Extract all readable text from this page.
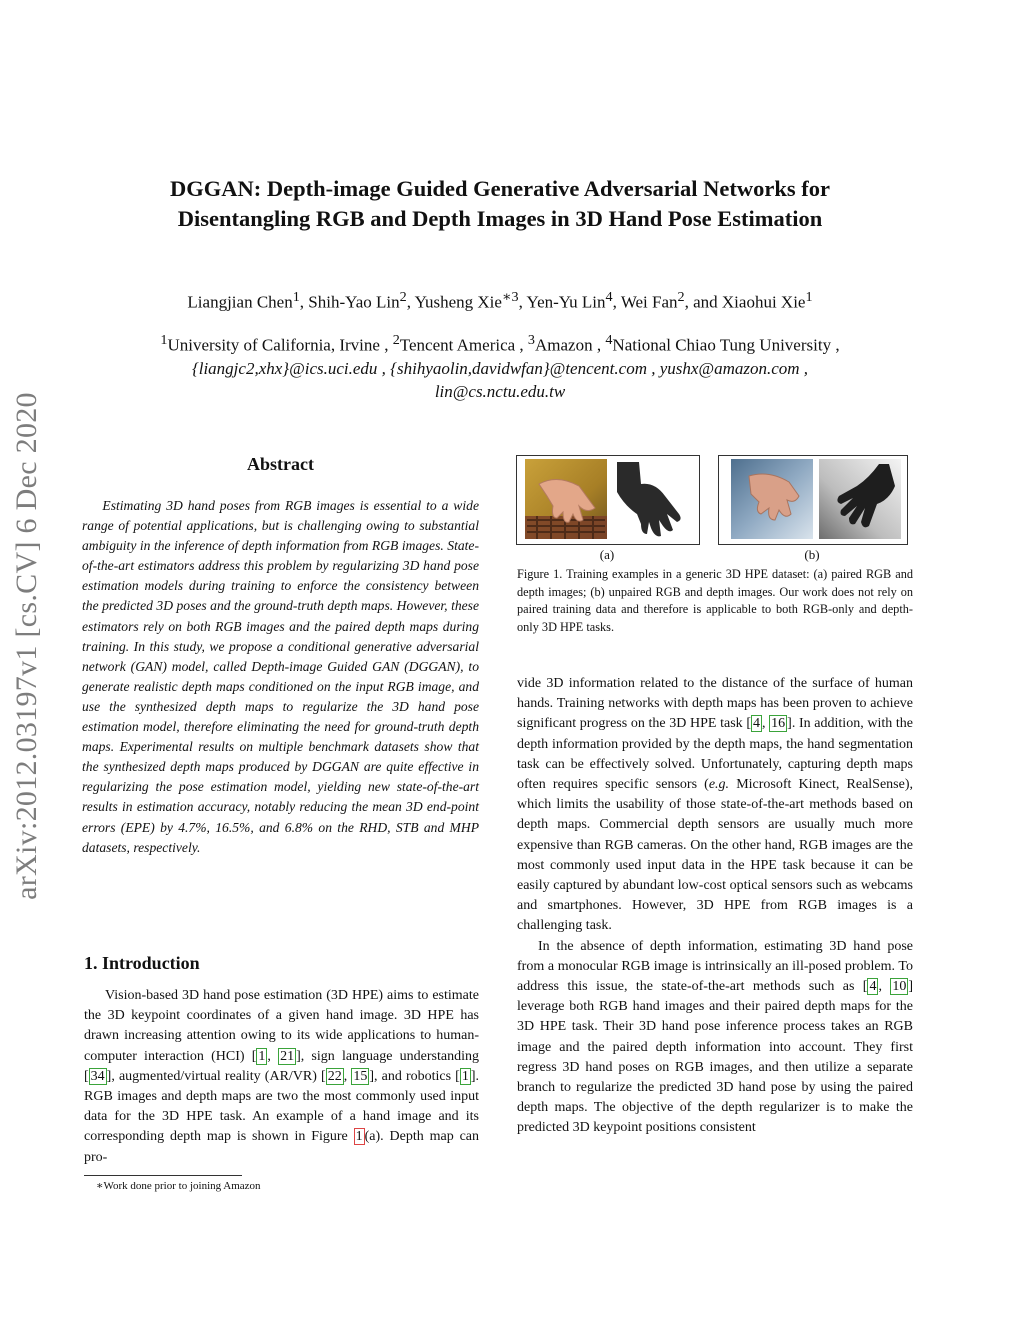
arXiv:2012.03197v1 [cs.CV] 6 Dec 2020
DGGAN: Depth-image Guided Generative Adversarial Networks for
Disentangling RGB and Depth Images in 3D Hand Pose Estimation
Liangjian Chen$^1$, Shih-Yao Lin$^2$, Yusheng Xie$^{∗3}$, Yen-Yu Lin$^4$, Wei Fan$^2$, and Xiaohui Xie$^1$
$^1$University of California, Irvine , $^2$Tencent America , $^3$Amazon , $^4$National Chiao Tung University ,
{liangjc2,xhx}@ics.uci.edu , {shihyaolin,davidwfan}@tencent.com , yushx@amazon.com ,
lin@cs.nctu.edu.tw
Abstract
Estimating 3D hand poses from RGB images is essential to a wide range of potential applications, but is challenging owing to substantial ambiguity in the inference of depth information from RGB images. State-of-the-art estimators address this problem by regularizing 3D hand pose estimation models during training to enforce the consistency between the predicted 3D poses and the ground-truth depth maps. However, these estimators rely on both RGB images and the paired depth maps during training. In this study, we propose a conditional generative adversarial network (GAN) model, called Depth-image Guided GAN (DGGAN), to generate realistic depth maps conditioned on the input RGB image, and use the synthesized depth maps to regularize the 3D hand pose estimation model, therefore eliminating the need for ground-truth depth maps. Experimental results on multiple benchmark datasets show that the synthesized depth maps produced by DGGAN are quite effective in regularizing the pose estimation model, yielding new state-of-the-art results in estimation accuracy, notably reducing the mean 3D end-point errors (EPE) by 4.7%, 16.5%, and 6.8% on the RHD, STB and MHP datasets, respectively.
1. Introduction

Vision-based 3D hand pose estimation (3D HPE) aims to estimate the 3D keypoint coordinates of a given hand image. 3D HPE has drawn increasing attention owing to its wide applications to human-computer interaction (HCI) [ 1 , 21 ], sign language understanding [ 34 ], augmented/virtual reality (AR/VR) [ 22 , 15 ], and robotics [ 1 ]. RGB images and depth maps are two the most commonly used input data for the 3D HPE task. An example of a hand image and its corresponding depth map is shown in Figure 1 (a). Depth map can pro-

∗Work done prior to joining Amazon
(a)	(b)
Figure 1. Training examples in a generic 3D HPE dataset: (a) paired RGB and depth images; (b) unpaired RGB and depth images. Our work does not rely on paired training data and therefore is applicable to both RGB-only and depth-only 3D HPE tasks.

vide 3D information related to the distance of the surface of human hands. Training networks with depth maps has been proven to achieve significant progress on the 3D HPE task [ 4 , 16 ]. In addition, with the depth information provided by the depth maps, the hand segmentation task can be effectively solved. Unfortunately, capturing depth maps often requires specific sensors (e.g. Microsoft Kinect, RealSense), which limits the usability of those state-of-the-art methods based on depth maps. Commercial depth sensors are usually much more expensive than RGB cameras. On the other hand, RGB images are the most commonly used input data in the HPE task because it can be easily captured by abundant low-cost optical sensors such as webcams and smartphones. However, 3D HPE from RGB images is a challenging task.

In the absence of depth information, estimating 3D hand pose from a monocular RGB image is intrinsically an ill-posed problem. To address this issue, the state-of-the-art methods such as [ 4 , 10 ] leverage both RGB hand images and their paired depth maps for the 3D HPE task. Their 3D hand pose inference process takes an RGB image and the paired depth information into account. They first regress 3D hand poses on RGB images, and then utilize a separate branch to regularize the predicted 3D hand pose by using the paired depth maps. The objective of the depth regularizer is to make the predicted 3D keypoint positions consistent
